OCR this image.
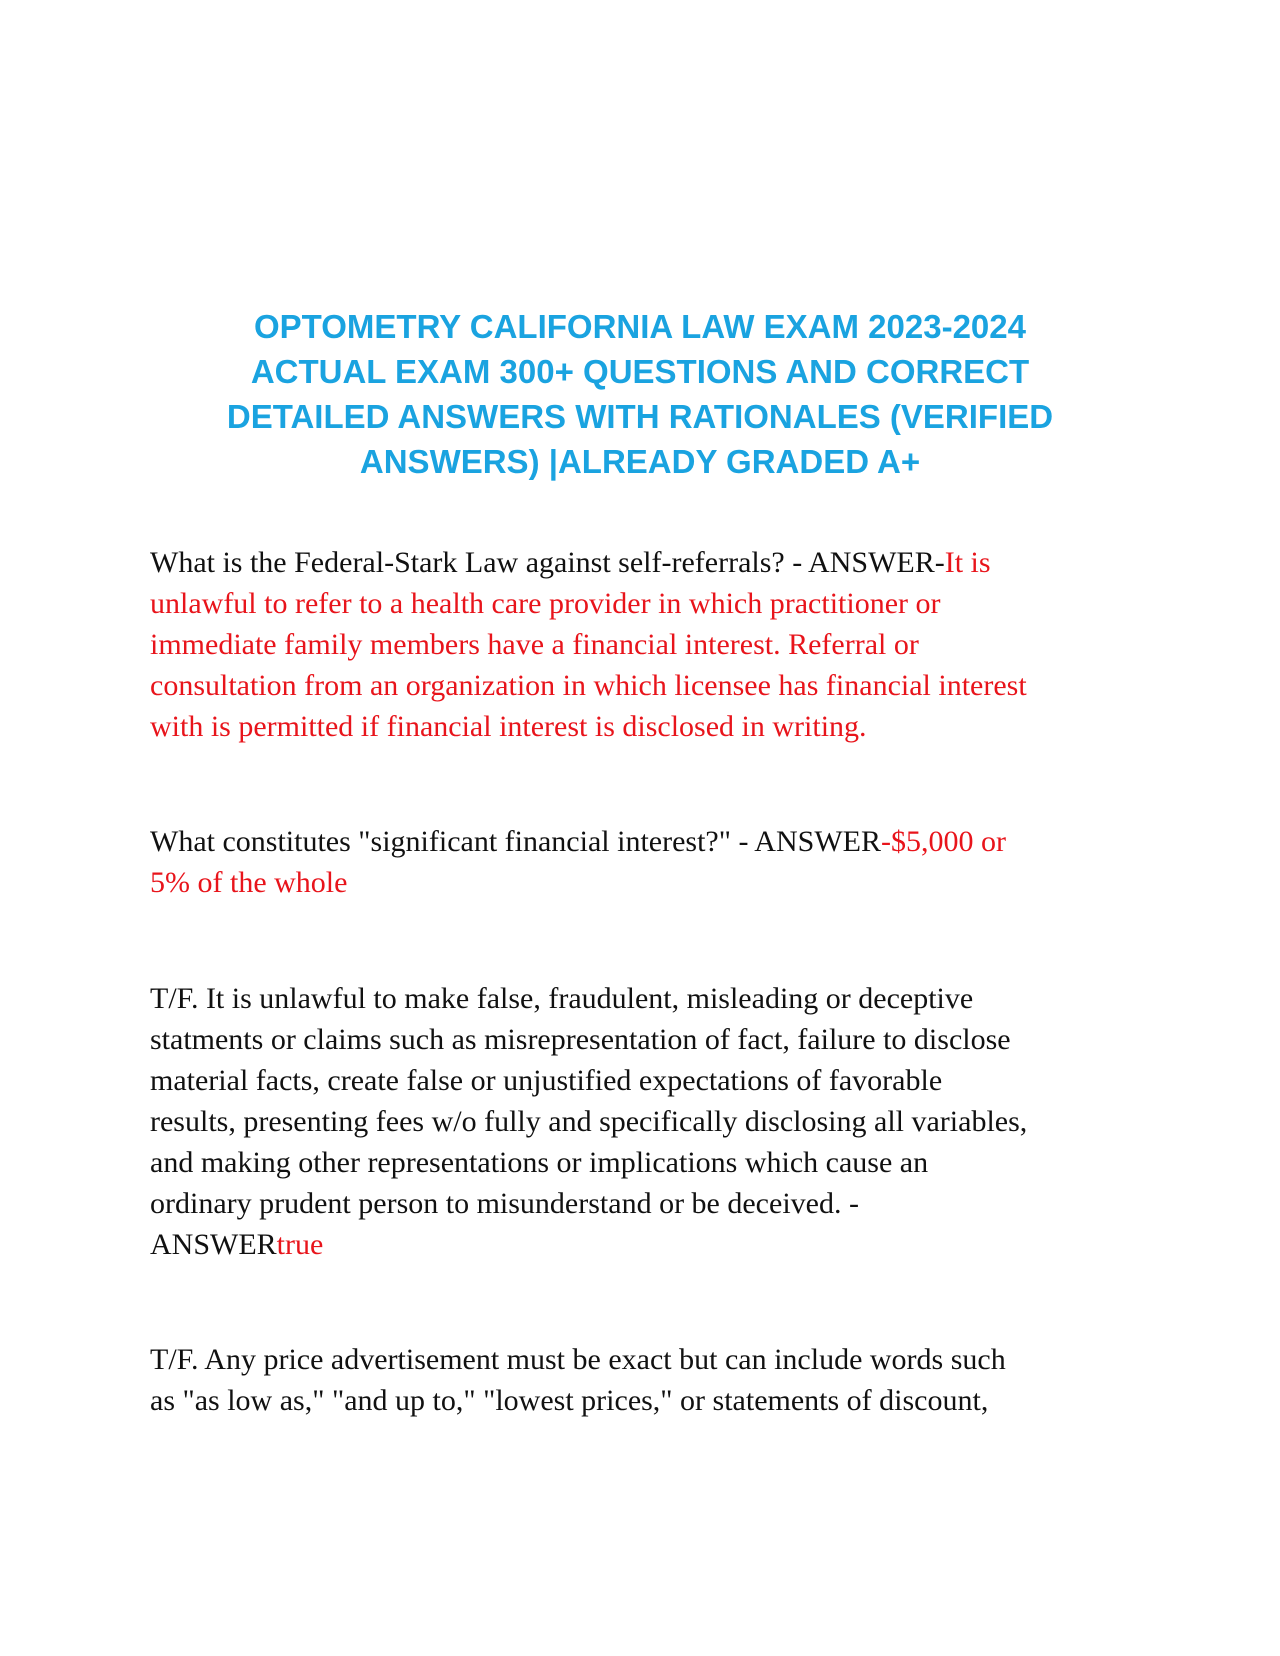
OPTOMETRY CALIFORNIA LAW EXAM 2023-2024
ACTUAL EXAM 300+ QUESTIONS AND CORRECT
DETAILED ANSWERS WITH RATIONALES (VERIFIED
ANSWERS) |ALREADY GRADED A+
What is the Federal-Stark Law against self-referrals? - ANSWER-It is
unlawful to refer to a health care provider in which practitioner or
immediate family members have a financial interest. Referral or
consultation from an organization in which licensee has financial interest
with is permitted if financial interest is disclosed in writing.
What constitutes "significant financial interest?" - ANSWER-$5,000 or
5% of the whole
T/F. It is unlawful to make false, fraudulent, misleading or deceptive
statments or claims such as misrepresentation of fact, failure to disclose
material facts, create false or unjustified expectations of favorable
results, presenting fees w/o fully and specifically disclosing all variables,
and making other representations or implications which cause an
ordinary prudent person to misunderstand or be deceived. -
ANSWERtrue
T/F. Any price advertisement must be exact but can include words such
as "as low as," "and up to," "lowest prices," or statements of discount,
